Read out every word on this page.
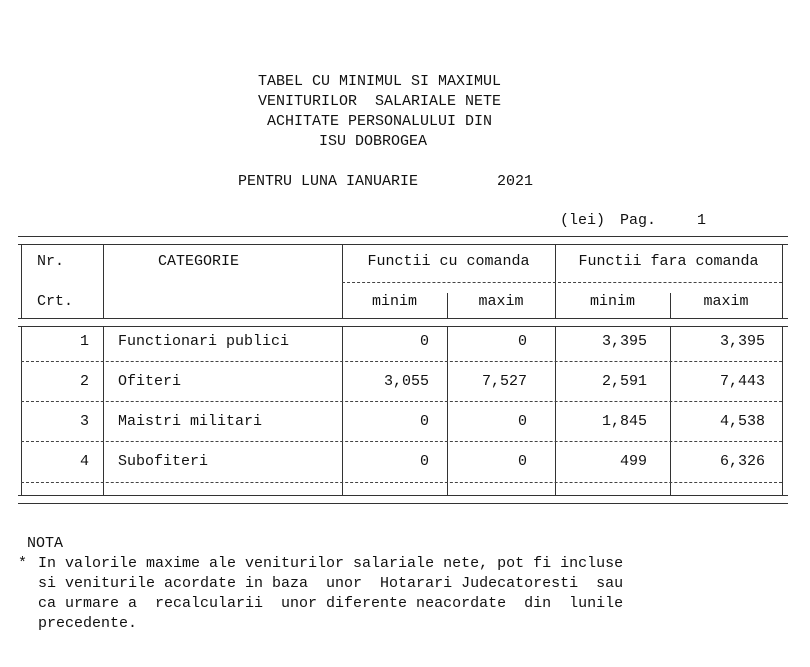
TABEL CU MINIMUL SI MAXIMUL
VENITURILOR  SALARIALE NETE
ACHITATE PERSONALULUI DIN
ISU DOBROGEA
PENTRU LUNA IANUARIE	2021
(lei) Pag.	1
Nr.
Crt.
CATEGORIE	Functii cu comanda	Functii fara comanda
minim	maxim	minim	maxim
1 Functionari publici	0	0	3,395	3,395
2 Ofiteri	3,055	7,527	2,591	7,443
3 Maistri militari	0	0	1,845	4,538
4 Subofiteri	0	0	499	6,326
NOTA
* In valorile maxime ale veniturilor salariale nete, pot fi incluse
si veniturile acordate in baza  unor  Hotarari Judecatoresti  sau
ca urmare a  recalcularii  unor diferente neacordate  din  lunile
precedente.
